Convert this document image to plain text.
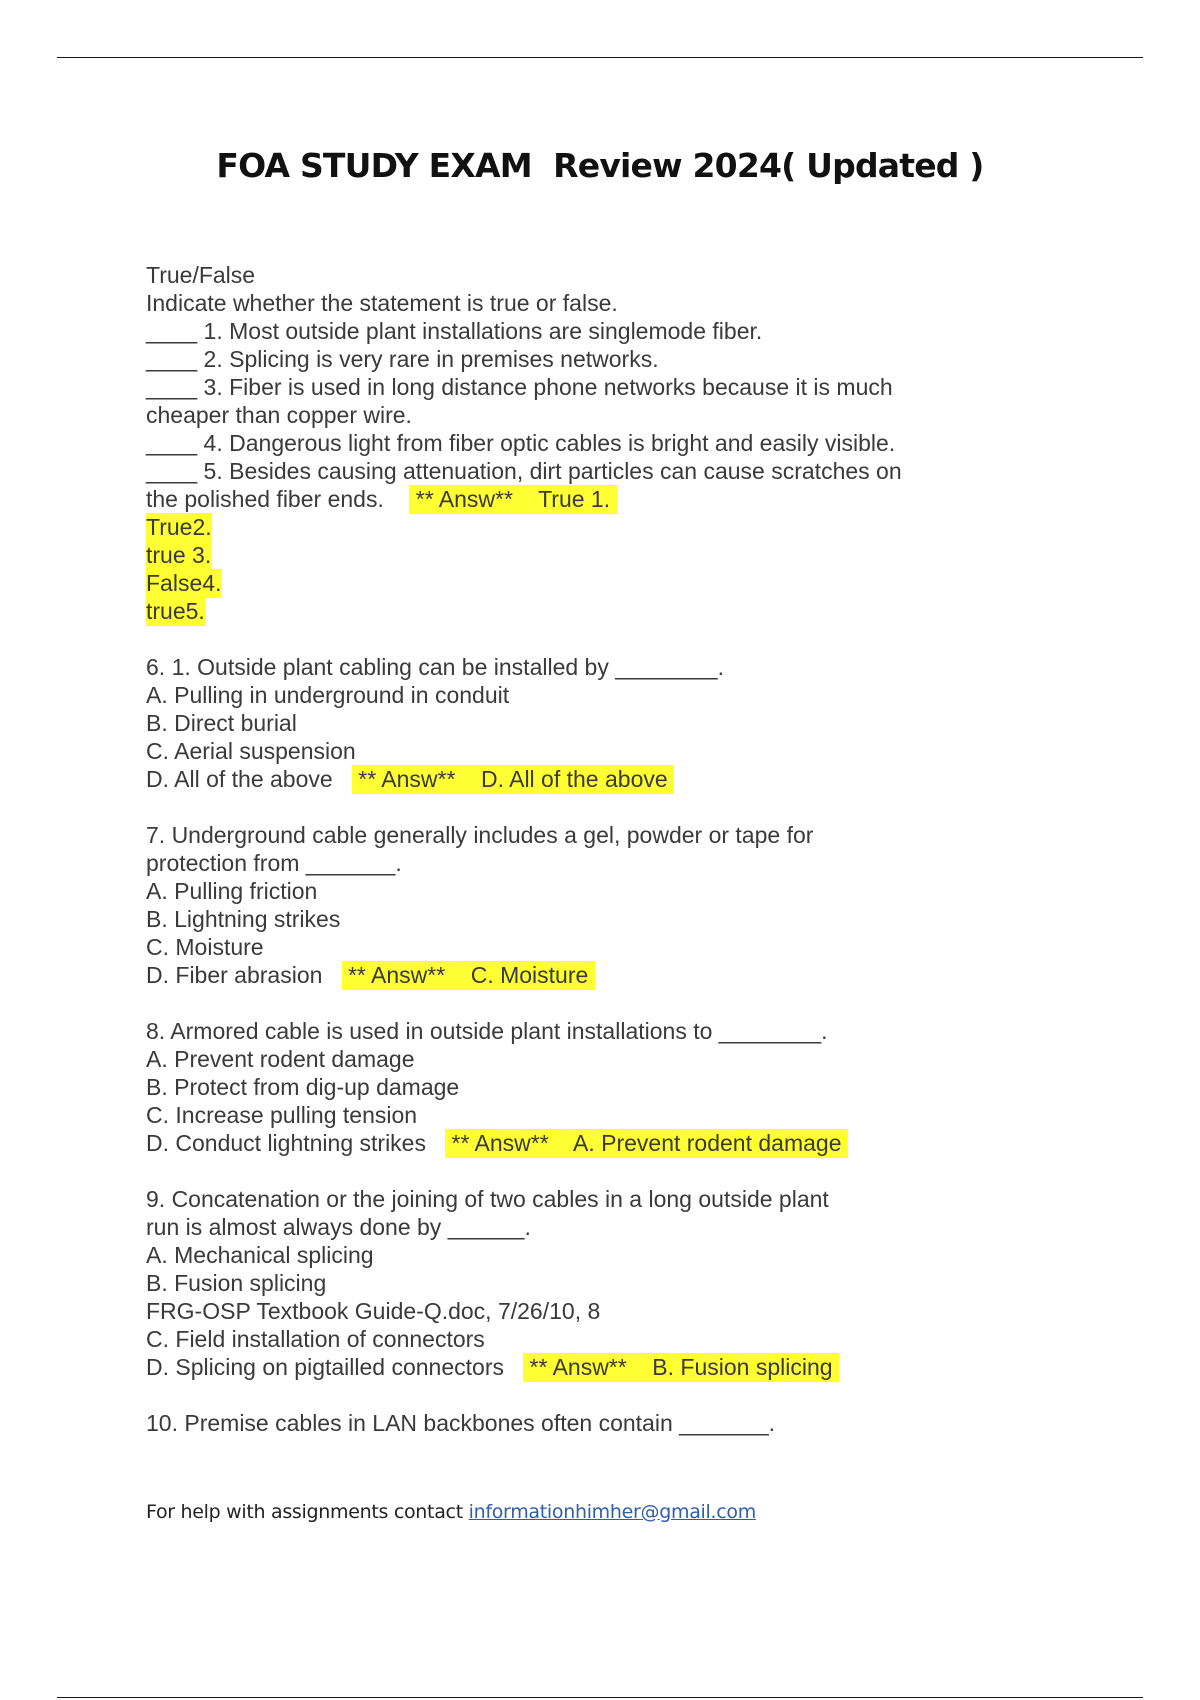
FOA STUDY EXAM  Review 2024( Updated )
True/False
Indicate whether the statement is true or false.
____ 1. Most outside plant installations are singlemode fiber.
____ 2. Splicing is very rare in premises networks.
____ 3. Fiber is used in long distance phone networks because it is much
cheaper than copper wire.
____ 4. Dangerous light from fiber optic cables is bright and easily visible.
____ 5. Besides causing attenuation, dirt particles can cause scratches on
the polished fiber ends.     ** Answ**    True 1.
True2.
true 3.
False4.
true5.
6. 1. Outside plant cabling can be installed by ________.
A. Pulling in underground in conduit
B. Direct burial
C. Aerial suspension
D. All of the above    ** Answ**    D. All of the above
7. Underground cable generally includes a gel, powder or tape for
protection from _______.
A. Pulling friction
B. Lightning strikes
C. Moisture
D. Fiber abrasion    ** Answ**    C. Moisture
8. Armored cable is used in outside plant installations to ________.
A. Prevent rodent damage
B. Protect from dig-up damage
C. Increase pulling tension
D. Conduct lightning strikes    ** Answ**    A. Prevent rodent damage
9. Concatenation or the joining of two cables in a long outside plant
run is almost always done by ______.
A. Mechanical splicing
B. Fusion splicing
FRG-OSP Textbook Guide-Q.doc, 7/26/10, 8
C. Field installation of connectors
D. Splicing on pigtailled connectors    ** Answ**    B. Fusion splicing
10. Premise cables in LAN backbones often contain _______.
For help with assignments contact informationhimher@gmail.com
